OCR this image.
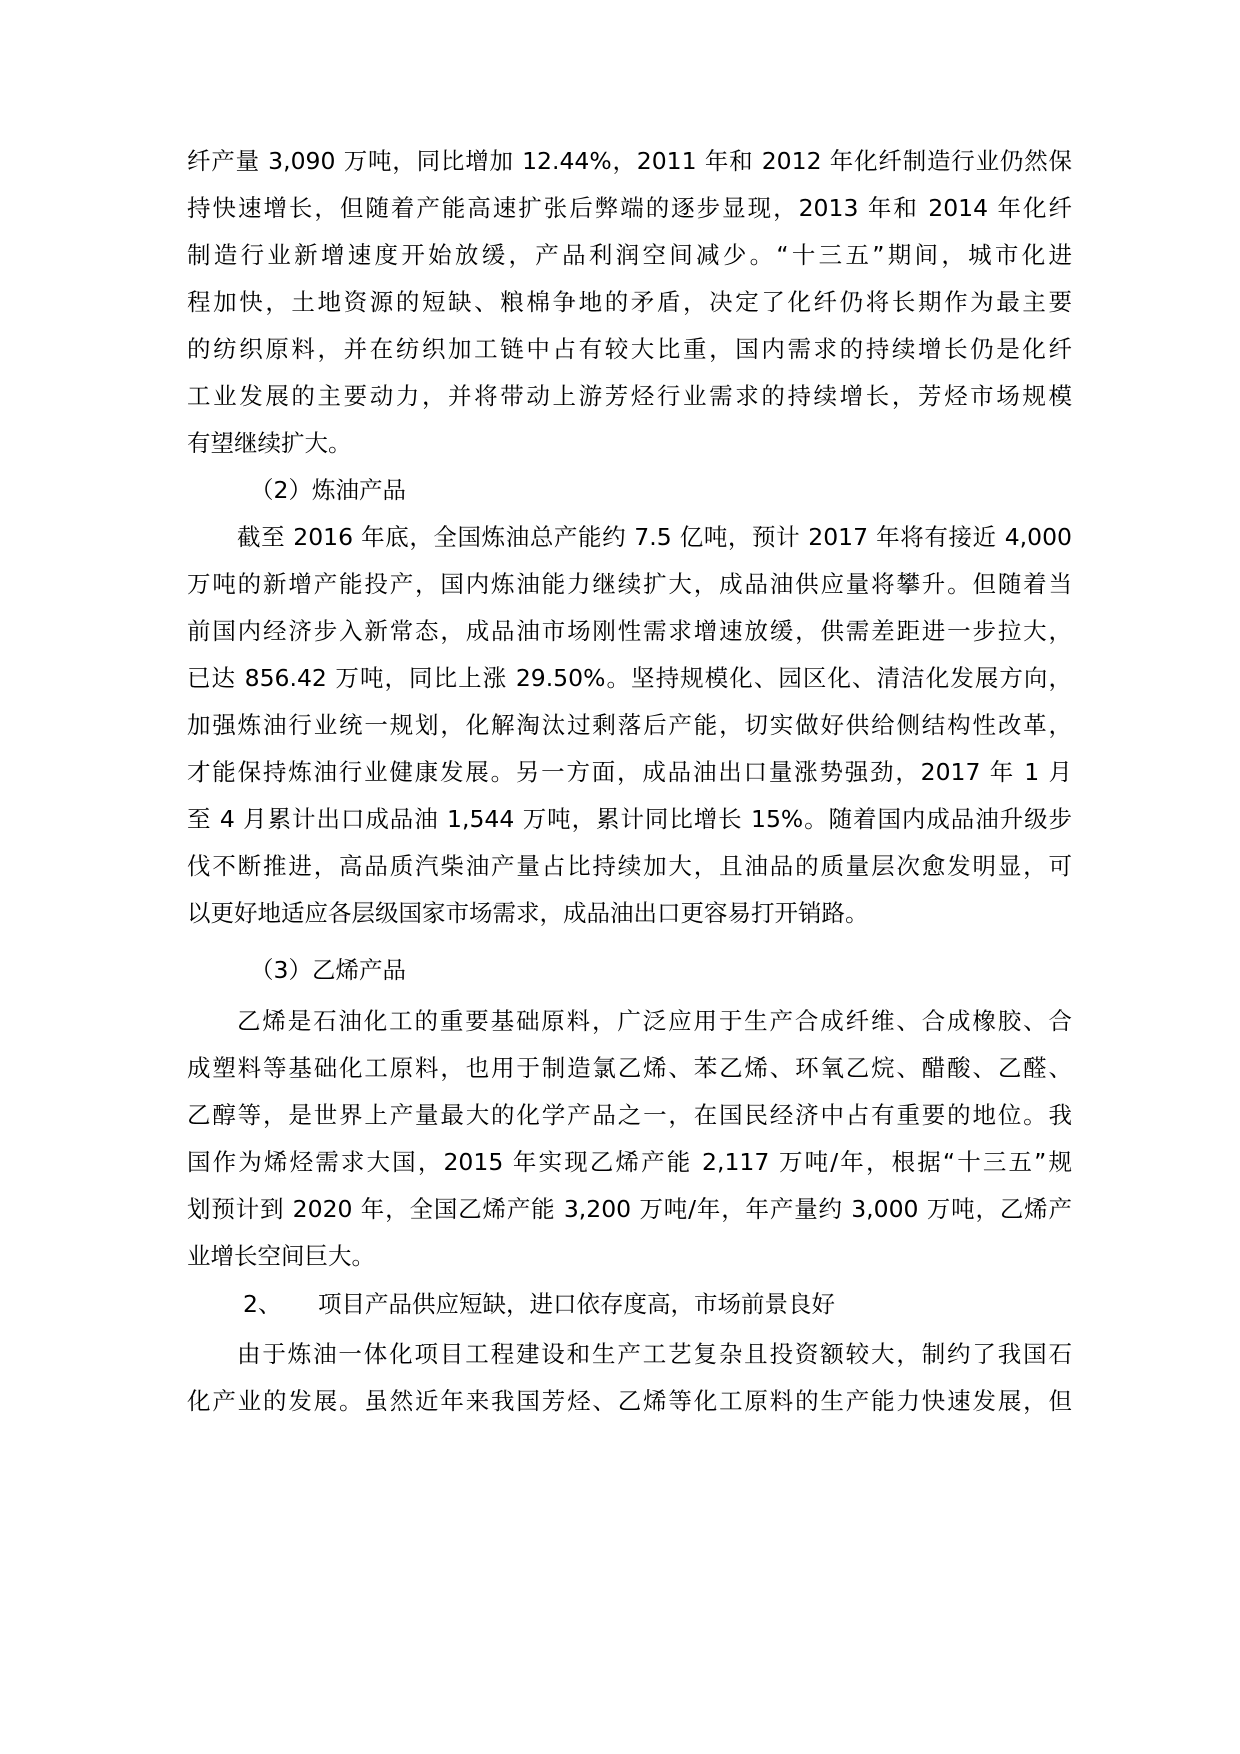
纤产量 3,090 万吨，同比增加 12.44%，2011 年和 2012 年化纤制造行业仍然保
持快速增长，但随着产能高速扩张后弊端的逐步显现，2013 年和 2014 年化纤
制造行业新增速度开始放缓，产品利润空间减少。“十三五”期间，城市化进
程加快，土地资源的短缺、粮棉争地的矛盾，决定了化纤仍将长期作为最主要
的纺织原料，并在纺织加工链中占有较大比重，国内需求的持续增长仍是化纤
工业发展的主要动力，并将带动上游芳烃行业需求的持续增长，芳烃市场规模
有望继续扩大。
（2）炼油产品
截至 2016 年底，全国炼油总产能约 7.5 亿吨，预计 2017 年将有接近 4,000
万吨的新增产能投产，国内炼油能力继续扩大，成品油供应量将攀升。但随着当
前国内经济步入新常态，成品油市场刚性需求增速放缓，供需差距进一步拉大，
已达 856.42 万吨，同比上涨 29.50%。坚持规模化、园区化、清洁化发展方向，
加强炼油行业统一规划，化解淘汰过剩落后产能，切实做好供给侧结构性改革，
才能保持炼油行业健康发展。另一方面，成品油出口量涨势强劲，2017 年 1 月
至 4 月累计出口成品油 1,544 万吨，累计同比增长 15%。随着国内成品油升级步
伐不断推进，高品质汽柴油产量占比持续加大，且油品的质量层次愈发明显，可
以更好地适应各层级国家市场需求，成品油出口更容易打开销路。
（3）乙烯产品
乙烯是石油化工的重要基础原料，广泛应用于生产合成纤维、合成橡胶、合
成塑料等基础化工原料，也用于制造氯乙烯、苯乙烯、环氧乙烷、醋酸、乙醛、
乙醇等，是世界上产量最大的化学产品之一，在国民经济中占有重要的地位。我
国作为烯烃需求大国，2015 年实现乙烯产能 2,117 万吨/年，根据“十三五”规
划预计到 2020 年，全国乙烯产能 3,200 万吨/年，年产量约 3,000 万吨，乙烯产
业增长空间巨大。
2、 项目产品供应短缺，进口依存度高，市场前景良好
由于炼油一体化项目工程建设和生产工艺复杂且投资额较大，制约了我国石
化产业的发展。虽然近年来我国芳烃、乙烯等化工原料的生产能力快速发展，但
